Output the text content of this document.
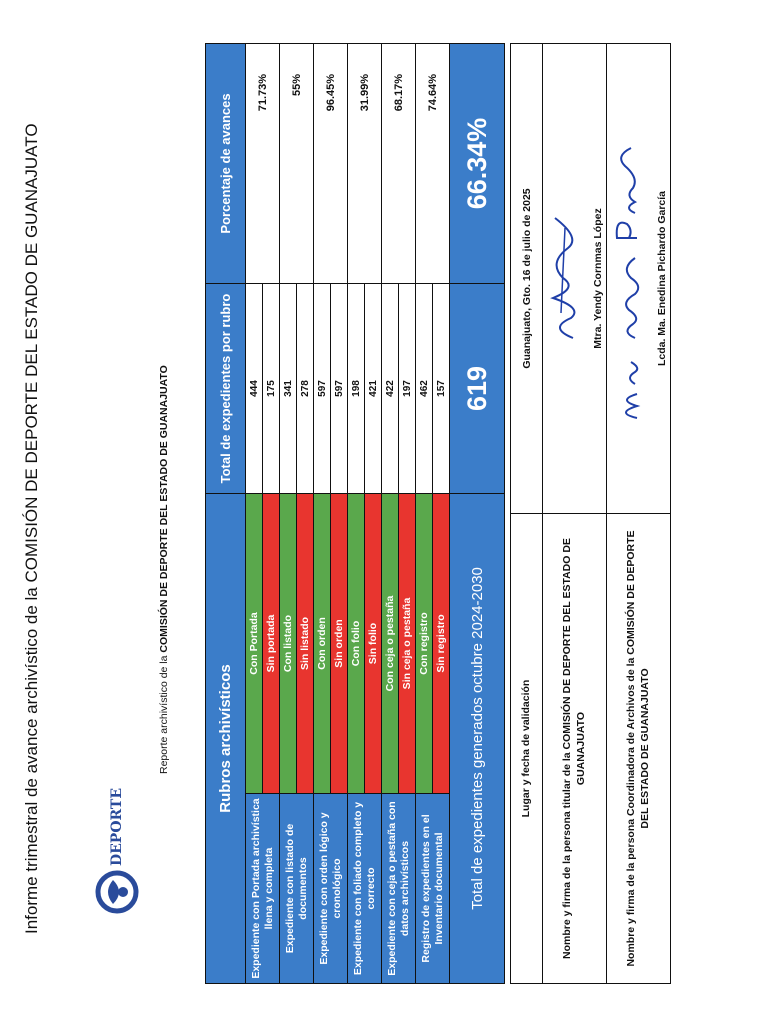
Informe trimestral de avance archivístico de la COMISIÓN DE DEPORTE DEL ESTADO DE GUANAJUATO	DEPORTE
Reporte archivístico de la COMISIÓN DE DEPORTE DEL ESTADO DE GUANAJUATO
Rubros archivísticos		Total de expedientes por rubro	Porcentaje de avances
Expediente con Portada archivística llena y completa	Con Portada	444	71.73%
	Sin portada	175	
Expediente con listado de documentos	Con listado	341	55%
	Sin listado	278	
Expediente con orden lógico y cronológico	Con orden	597	96.45%
	Sin orden	597	
Expediente con foliado completo y correcto	Con folio	198	31.99%
	Sin folio	421	
Expediente con ceja o pestaña con datos archivísticos	Con ceja o pestaña	422	68.17%
	Sin ceja o pestaña	197	
Registro de expedientes en el Inventario documental	Con registro	462	74.64%
	Sin registro	157	
Total de expedientes generados octubre 2024-2030		619	66.34%
Lugar y fecha de validación	Guanajuato, Gto. 16 de julio de 2025
Nombre y firma de la persona titular de la COMISIÓN DE DEPORTE DEL ESTADO DE GUANAJUATO	Mtra. Yendy Cornmas López

Nombre y firma de la persona Coordinadora de Archivos de la COMISIÓN DE DEPORTE DEL ESTADO DE GUANAJUATO	Lcda. Ma. Enedina Pichardo García
